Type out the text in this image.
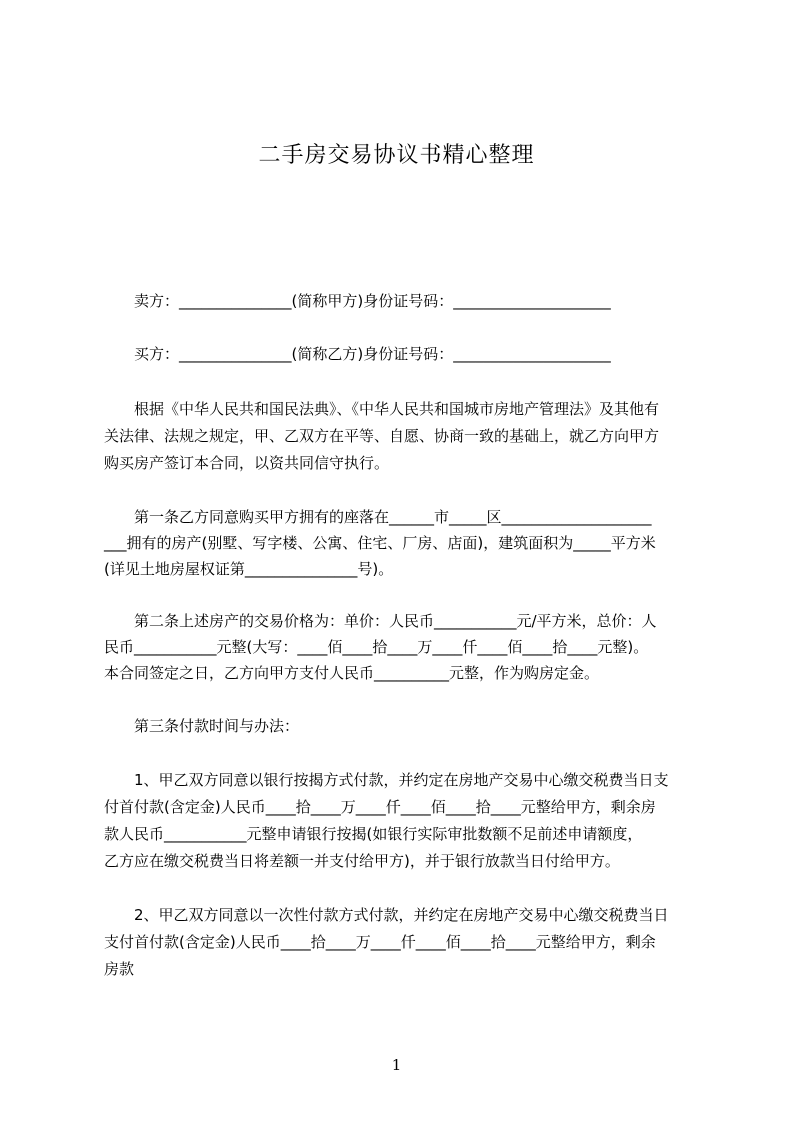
二手房交易协议书精心整理
　　卖方：_______________(简称甲方)身份证号码：_____________________
　　买方：_______________(简称乙方)身份证号码：_____________________
　　根据《中华人民共和国民法典》、《中华人民共和国城市房地产管理法》及其他有
关法律、法规之规定，甲、乙双方在平等、自愿、协商一致的基础上，就乙方向甲方
购买房产签订本合同，以资共同信守执行。
　　第一条乙方同意购买甲方拥有的座落在______市_____区____________________
___拥有的房产(别墅、写字楼、公寓、住宅、厂房、店面)，建筑面积为_____平方米
(详见土地房屋权证第_______________号)。
　　第二条上述房产的交易价格为：单价：人民币___________元/平方米，总价：人
民币___________元整(大写：____佰____拾____万____仟____佰____拾____元整)。
本合同签定之日，乙方向甲方支付人民币__________元整，作为购房定金。
　　第三条付款时间与办法：
　　1、甲乙双方同意以银行按揭方式付款，并约定在房地产交易中心缴交税费当日支
付首付款(含定金)人民币____拾____万____仟____佰____拾____元整给甲方，剩余房
款人民币___________元整申请银行按揭(如银行实际审批数额不足前述申请额度，
乙方应在缴交税费当日将差额一并支付给甲方)，并于银行放款当日付给甲方。
　　2、甲乙双方同意以一次性付款方式付款，并约定在房地产交易中心缴交税费当日
支付首付款(含定金)人民币____拾____万____仟____佰____拾____元整给甲方，剩余
房款
1
